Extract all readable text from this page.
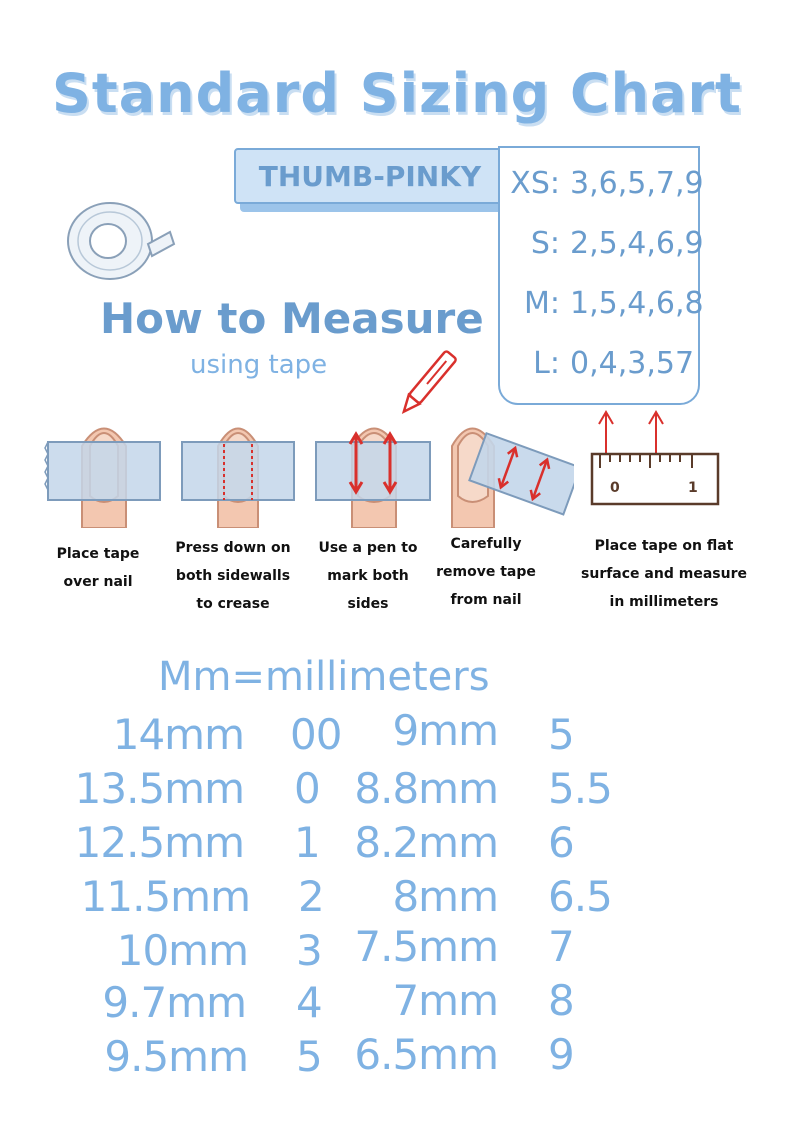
Standard Sizing Chart
THUMB-PINKY XS: 3,6,5,7,9
S: 2,5,4,6,9
M: 1,5,4,6,8
L: 0,4,3,57
How to Measure
using tape
0	1
Place tape over nail
Press down on both sidewalls to crease
Use a pen to mark both sides
Carefully remove tape from nail
Place tape on flat surface and measure in millimeters
Mm=millimeters
14mm 00
13.5mm 0
12.5mm 1
11.5mm 2
10mm 3
9.7mm 4
9.5mm 5
9mm 5
8.8mm 5.5
8.2mm 6
8mm 6.5
7.5mm 7
7mm 8
6.5mm 9
